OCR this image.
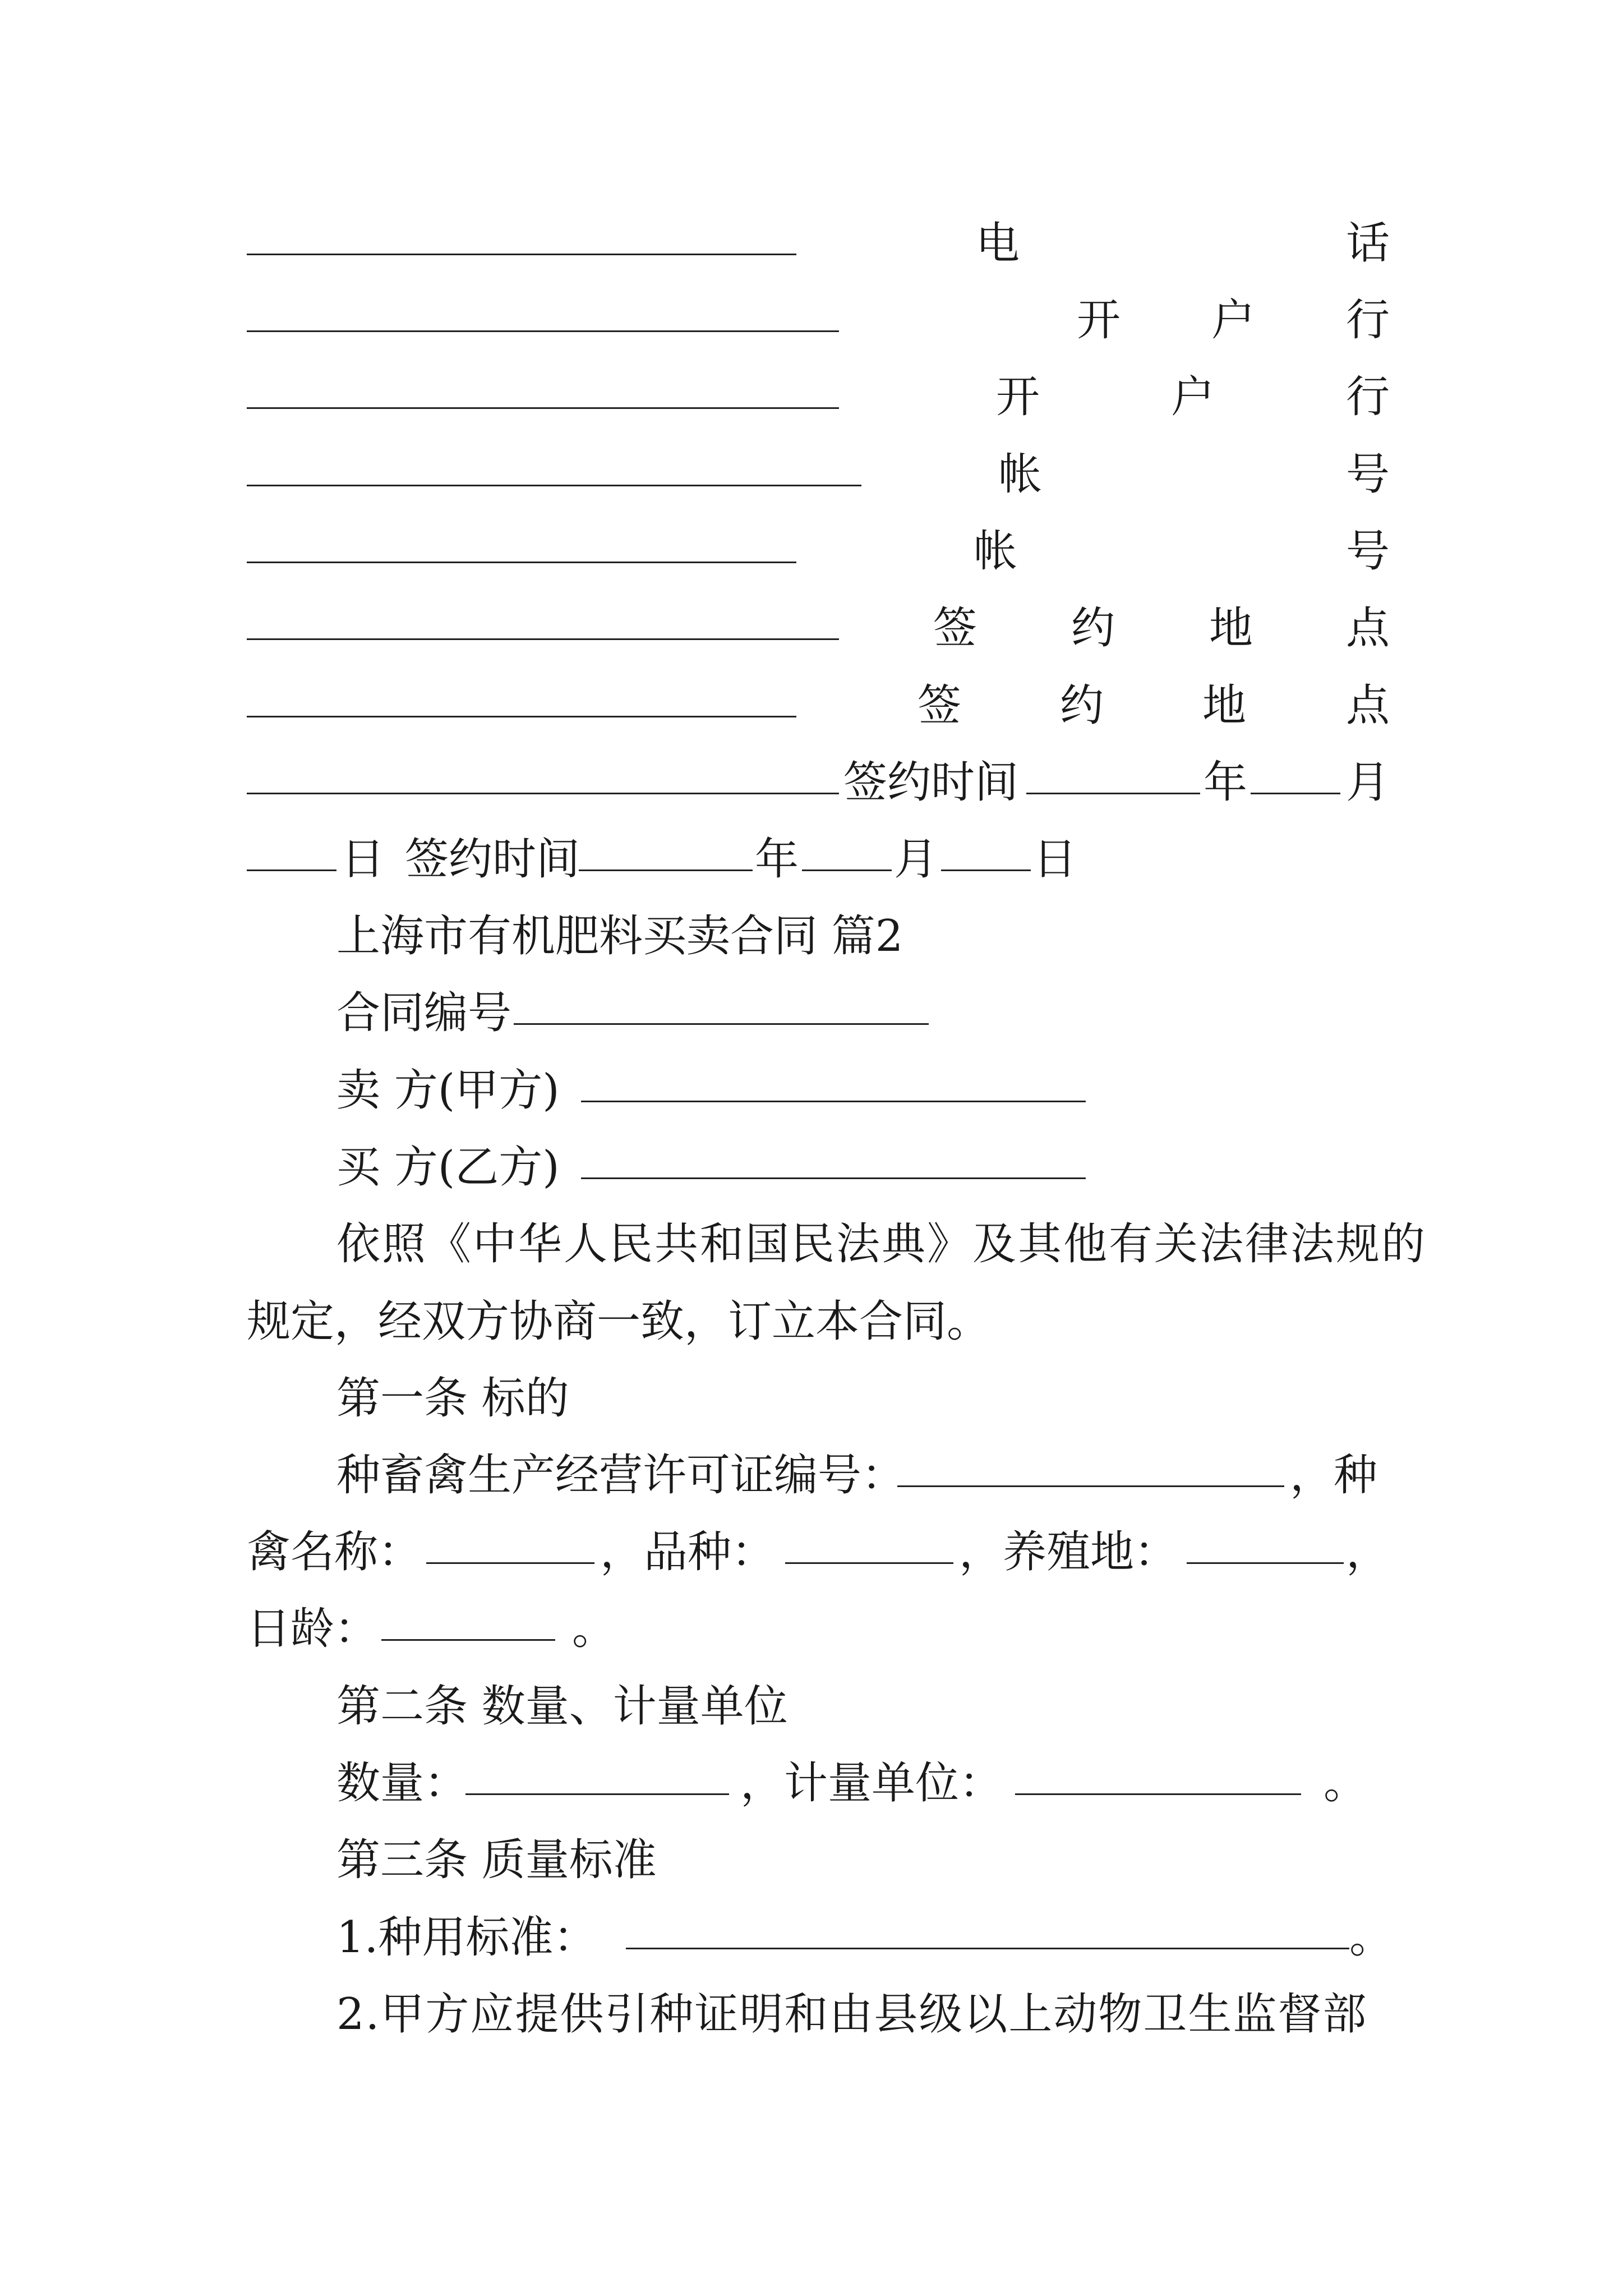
电	话
开 户 行
开	户	行
帐	号
帐	号
签 约 地 点
签 约 地 点
签约时间	年 月
日 签约时间	年 月 日
上海市有机肥料买卖合同 篇2
合同编号
卖 方(甲方)
买 方(乙方)
依照《中华人民共和国民法典》及其他有关法律法规的
规定，经双方协商一致，订立本合同。
第一条 标的
种畜禽生产经营许可证编号：	，种
禽名称：	，品种：	，养殖地：	，
日龄：	。
第二条 数量、计量单位
数量：	，计量单位：	。
第三条 质量标准
1.种用标准：	。
2.甲方应提供引种证明和由县级以上动物卫生监督部
